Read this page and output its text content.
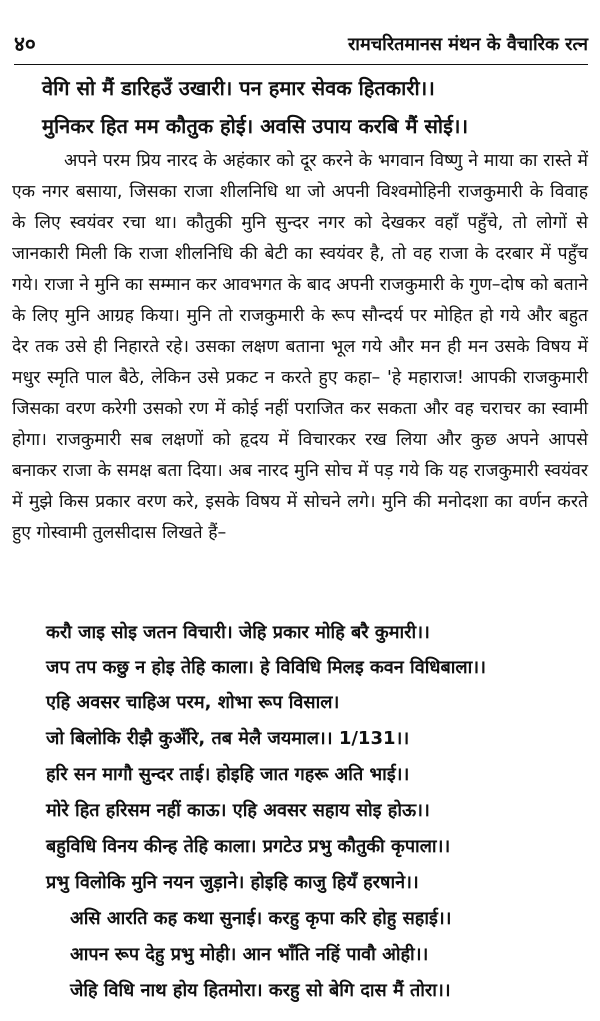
४०	रामचरितमानस मंथन के वैचारिक रत्न
वेगि सो मैं डारिहउँ उखारी। पन हमार सेवक हितकारी।।
मुनिकर हित मम कौतुक होई। अवसि उपाय करबि मैं सोई।।
अपने परम प्रिय नारद के अहंकार को दूर करने के भगवान विष्णु ने माया का रास्ते में एक नगर बसाया, जिसका राजा शीलनिधि था जो अपनी विश्वमोहिनी राजकुमारी के विवाह के लिए स्वयंवर रचा था। कौतुकी मुनि सुन्दर नगर को देखकर वहाँ पहुँचे, तो लोगों से जानकारी मिली कि राजा शीलनिधि की बेटी का स्वयंवर है, तो वह राजा के दरबार में पहुँच गये। राजा ने मुनि का सम्मान कर आवभगत के बाद अपनी राजकुमारी के गुण–दोष को बताने के लिए मुनि आग्रह किया। मुनि तो राजकुमारी के रूप सौन्दर्य पर मोहित हो गये और बहुत देर तक उसे ही निहारते रहे। उसका लक्षण बताना भूल गये और मन ही मन उसके विषय में मधुर स्मृति पाल बैठे, लेकिन उसे प्रकट न करते हुए कहा– 'हे महाराज! आपकी राजकुमारी जिसका वरण करेगी उसको रण में कोई नहीं पराजित कर सकता और वह चराचर का स्वामी होगा। राजकुमारी सब लक्षणों को हृदय में विचारकर रख लिया और कुछ अपने आपसे बनाकर राजा के समक्ष बता दिया। अब नारद मुनि सोच में पड़ गये कि यह राजकुमारी स्वयंवर में मुझे किस प्रकार वरण करे, इसके विषय में सोचने लगे। मुनि की मनोदशा का वर्णन करते हुए गोस्वामी तुलसीदास लिखते हैं–
करौ जाइ सोइ जतन विचारी। जेहि प्रकार मोहि बरै कुमारी।।
जप तप कछु न होइ तेहि काला। हे विविधि मिलइ कवन विधिबाला।।
एहि अवसर चाहिअ परम, शोभा रूप विसाल।
जो बिलोकि रीझै कुअँरि, तब मेलै जयमाल।। 1/131।।
हरि सन मागौ सुन्दर ताई। होइहि जात गहरू अति भाई।।
मोरे हित हरिसम नहीं काऊ। एहि अवसर सहाय सोइ होऊ।।
बहुविधि विनय कीन्ह तेहि काला। प्रगटेउ प्रभु कौतुकी कृपाला।।
प्रभु विलोकि मुनि नयन जुड़ाने। होइहि काजु हियँ हरषाने।।
असि आरति कह कथा सुनाई। करहु कृपा करि होहु सहाई।।
आपन रूप देहु प्रभु मोही। आन भाँति नहिं पावौ ओही।।
जेहि विधि नाथ होय हितमोरा। करहु सो बेगि दास मैं तोरा।।
